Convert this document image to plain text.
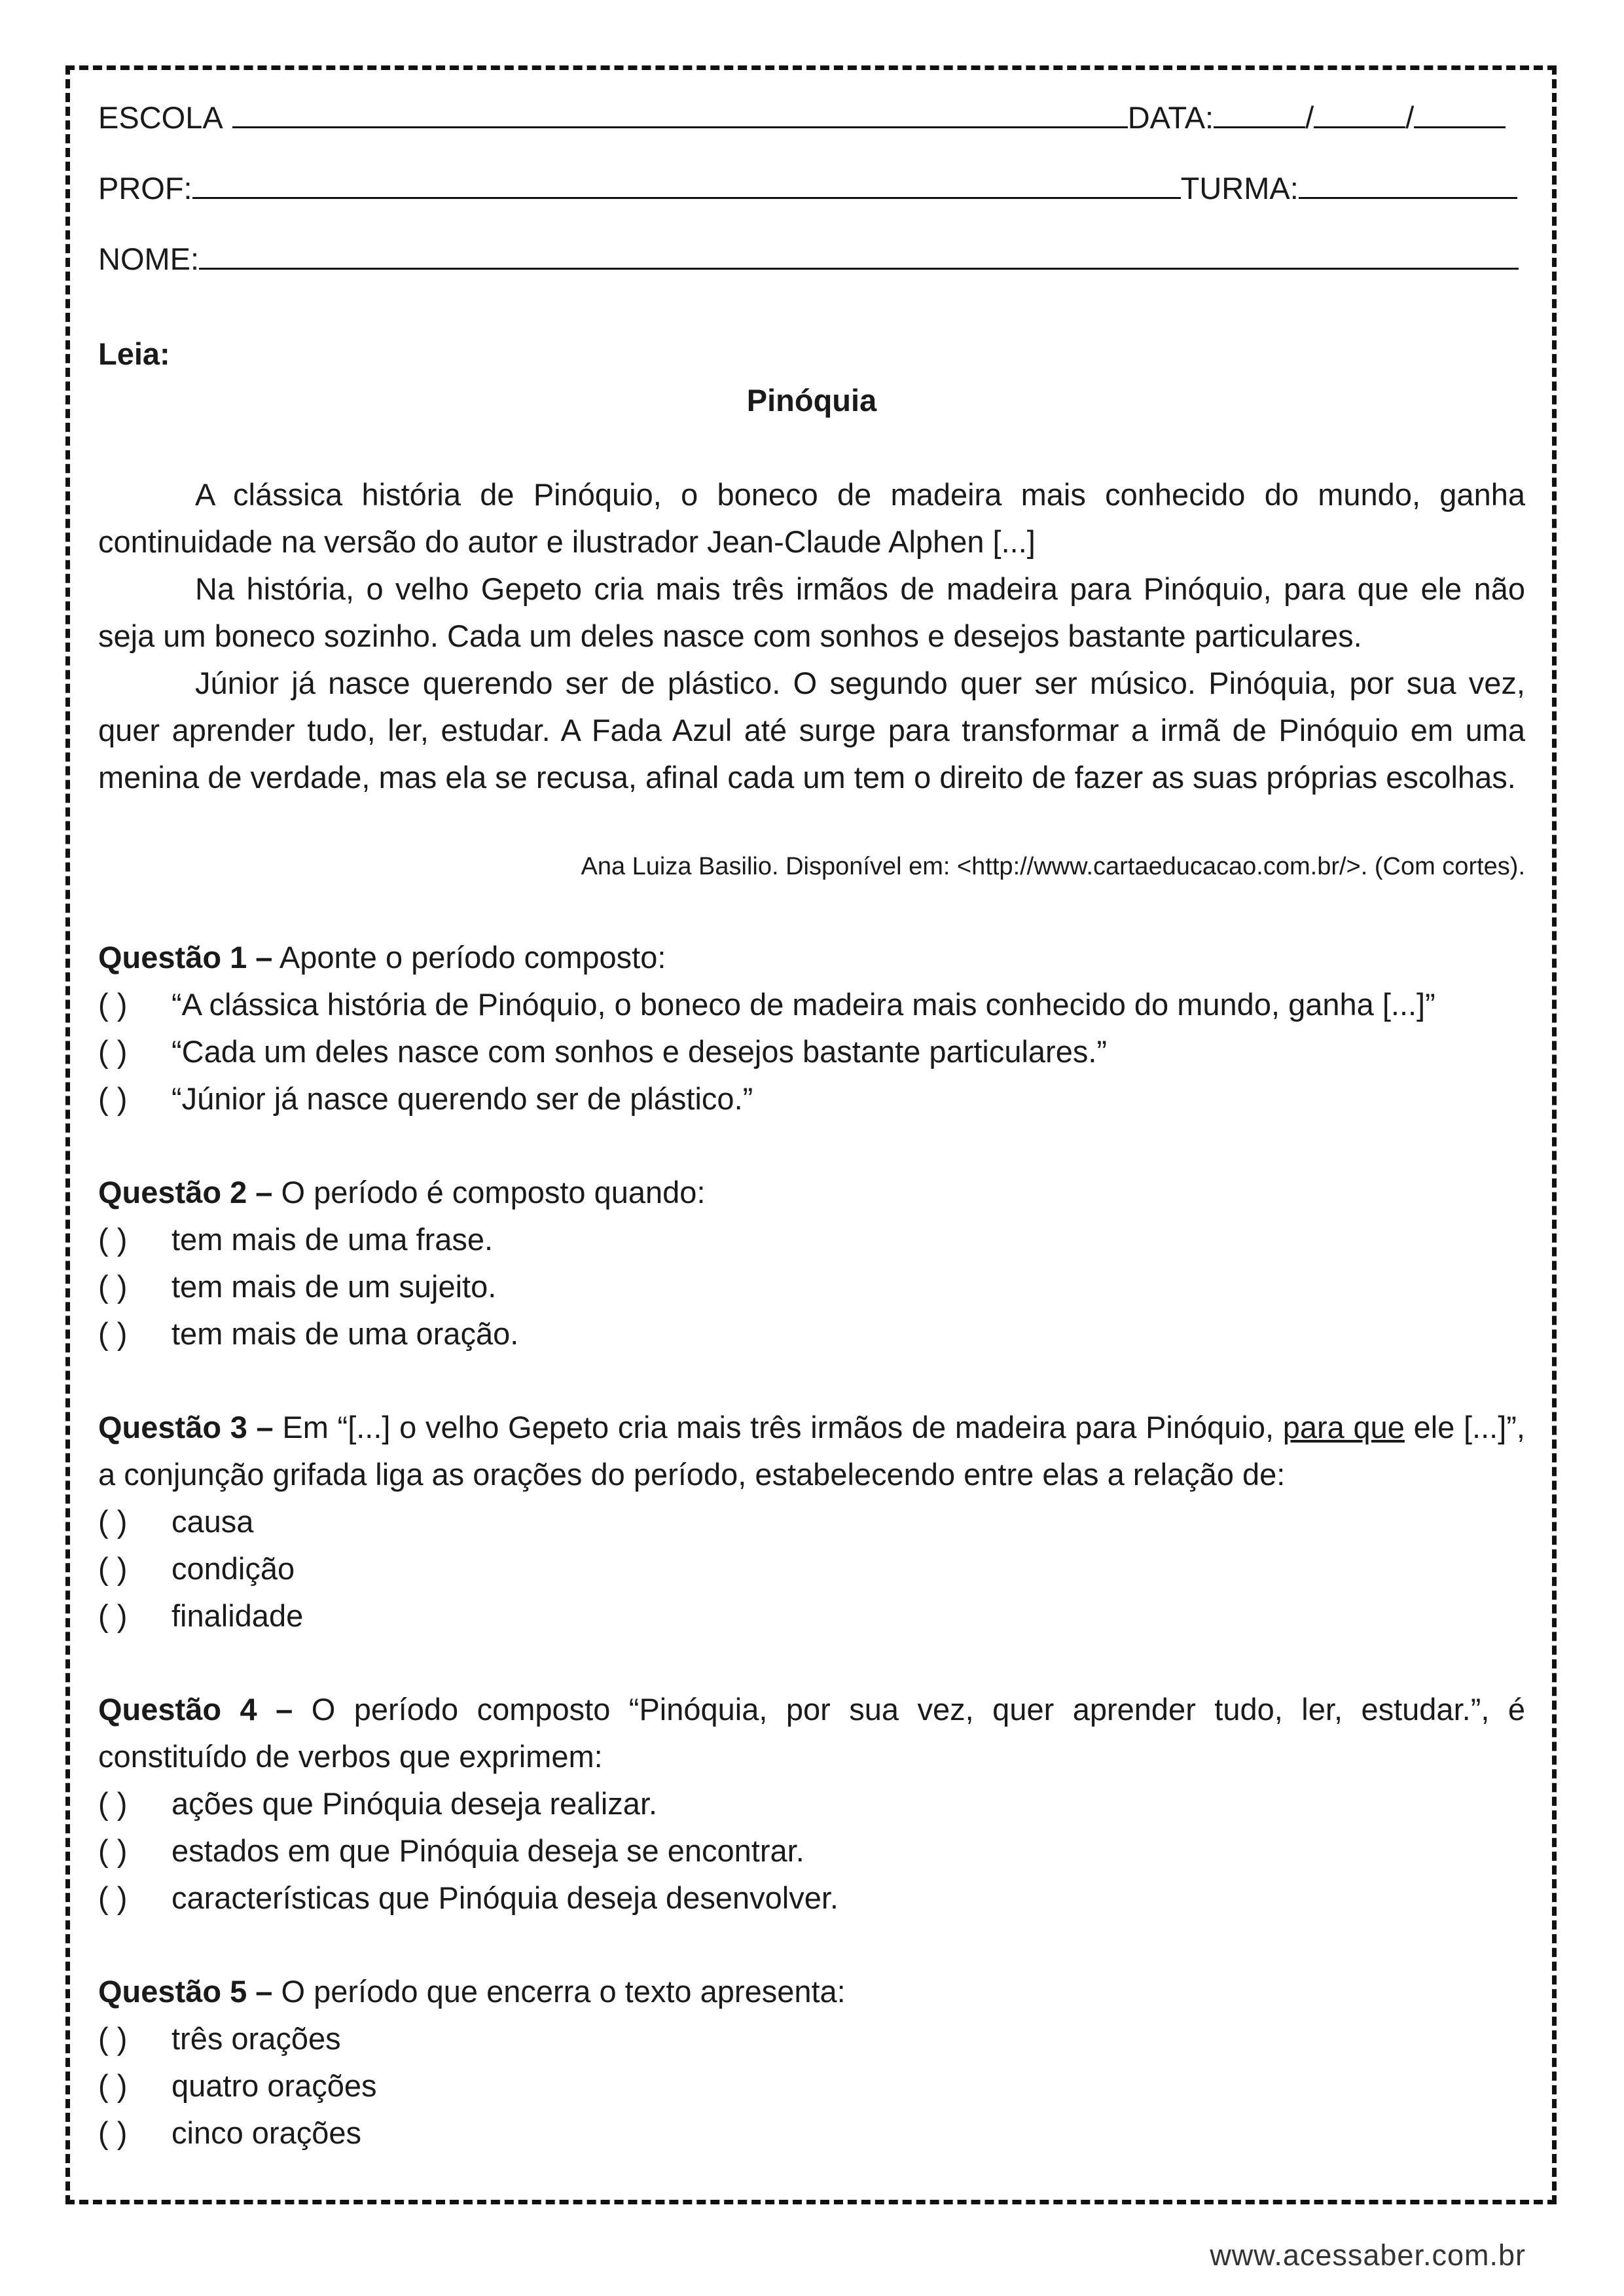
ESCOLA	DATA:	/	/
PROF:	TURMA:
NOME:
Leia:
Pinóquia
A clássica história de Pinóquio, o boneco de madeira mais conhecido do mundo, ganha continuidade na versão do autor e ilustrador Jean-Claude Alphen [...]
Na história, o velho Gepeto cria mais três irmãos de madeira para Pinóquio, para que ele não seja um boneco sozinho. Cada um deles nasce com sonhos e desejos bastante particulares.
Júnior já nasce querendo ser de plástico. O segundo quer ser músico. Pinóquia, por sua vez, quer aprender tudo, ler, estudar. A Fada Azul até surge para transformar a irmã de Pinóquio em uma menina de verdade, mas ela se recusa, afinal cada um tem o direito de fazer as suas próprias escolhas.
Ana Luiza Basilio. Disponível em: <http://www.cartaeducacao.com.br/>. (Com cortes).
Questão 1 – Aponte o período composto:
( ) “A clássica história de Pinóquio, o boneco de madeira mais conhecido do mundo, ganha [...]”
( ) “Cada um deles nasce com sonhos e desejos bastante particulares.”
( ) “Júnior já nasce querendo ser de plástico.”
Questão 2 – O período é composto quando:
( ) tem mais de uma frase.
( ) tem mais de um sujeito.
( ) tem mais de uma oração.
Questão 3 – Em “[...] o velho Gepeto cria mais três irmãos de madeira para Pinóquio, para que ele [...]”, a conjunção grifada liga as orações do período, estabelecendo entre elas a relação de:
( ) causa
( ) condição
( ) finalidade
Questão 4 – O período composto “Pinóquia, por sua vez, quer aprender tudo, ler, estudar.”, é constituído de verbos que exprimem:
( ) ações que Pinóquia deseja realizar.
( ) estados em que Pinóquia deseja se encontrar.
( ) características que Pinóquia deseja desenvolver.
Questão 5 – O período que encerra o texto apresenta:
( ) três orações
( ) quatro orações
( ) cinco orações
www.acessaber.com.br
